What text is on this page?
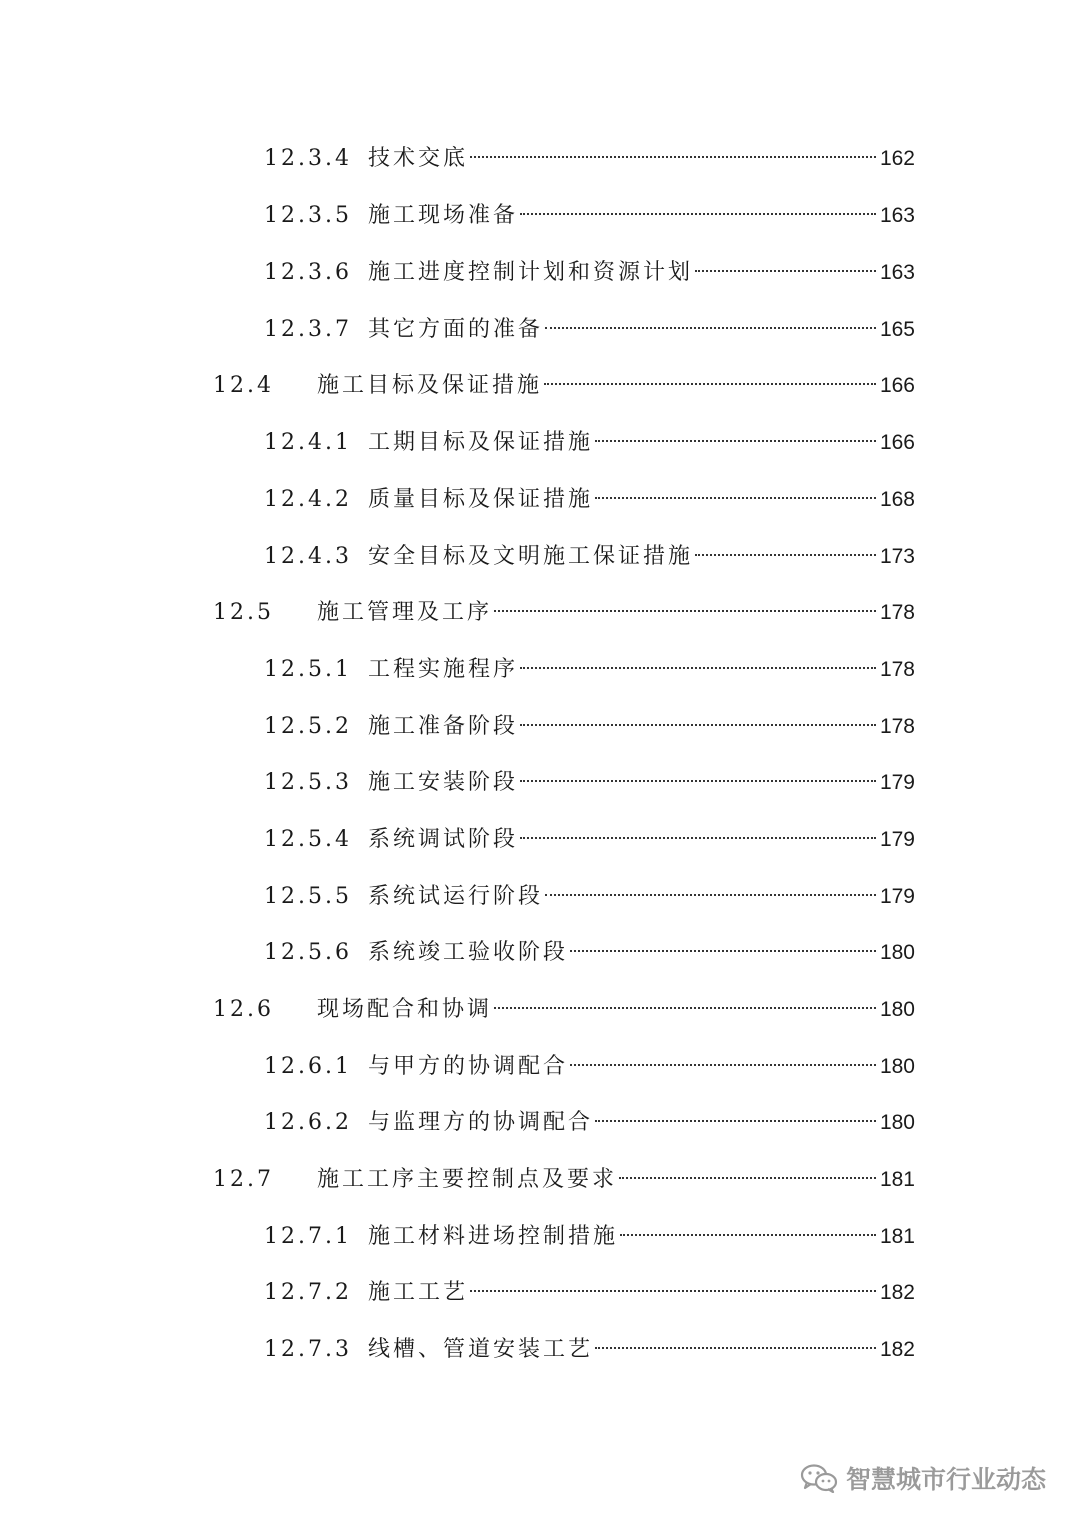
12.3.4 技术交底	162
12.3.5 施工现场准备	163
12.3.6 施工进度控制计划和资源计划	163
12.3.7 其它方面的准备	165
12.4	施工目标及保证措施	166
12.4.1 工期目标及保证措施	166
12.4.2 质量目标及保证措施	168
12.4.3 安全目标及文明施工保证措施	173
12.5	施工管理及工序	178
12.5.1 工程实施程序	178
12.5.2 施工准备阶段	178
12.5.3 施工安装阶段	179
12.5.4 系统调试阶段	179
12.5.5 系统试运行阶段	179
12.5.6 系统竣工验收阶段	180
12.6	现场配合和协调	180
12.6.1 与甲方的协调配合	180
12.6.2 与监理方的协调配合	180
12.7	施工工序主要控制点及要求	181
12.7.1 施工材料进场控制措施	181
12.7.2 施工工艺	182
12.7.3 线槽、管道安装工艺	182
智慧城市行业动态
